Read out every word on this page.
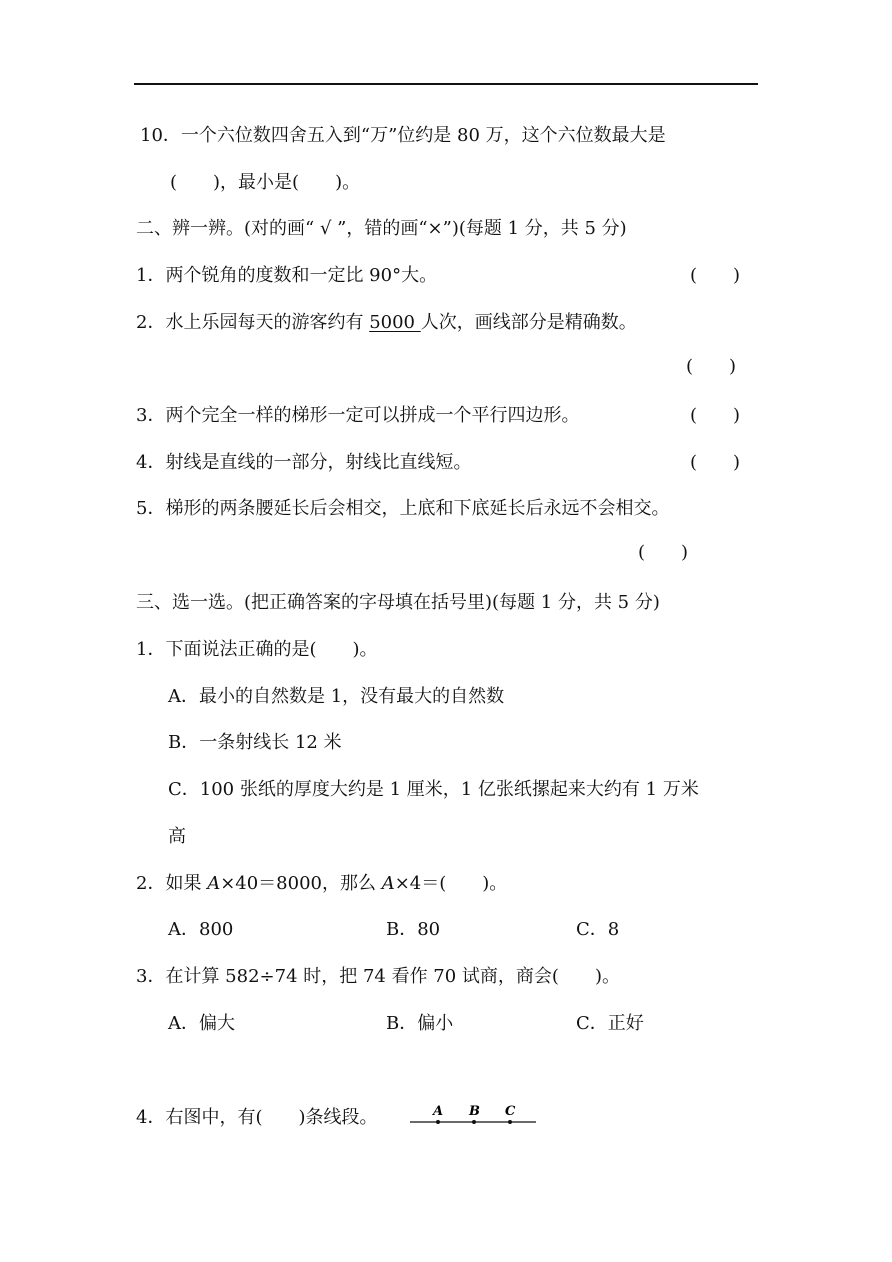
10．一个六位数四舍五入到“万”位约是 80 万，这个六位数最大是
(　　)，最小是(　　)。
二、辨一辨。(对的画“ √ ”，错的画“×”)(每题 1 分，共 5 分)
1．两个锐角的度数和一定比 90°大。	(　　)
2．水上乐园每天的游客约有 5000 人次，画线部分是精确数。
(　　)
3．两个完全一样的梯形一定可以拼成一个平行四边形。	(　　)
4．射线是直线的一部分，射线比直线短。	(　　)
5．梯形的两条腰延长后会相交，上底和下底延长后永远不会相交。
(　　)
三、选一选。(把正确答案的字母填在括号里)(每题 1 分，共 5 分)
1．下面说法正确的是(　　)。
A．最小的自然数是 1，没有最大的自然数
B．一条射线长 12 米
C．100 张纸的厚度大约是 1 厘米，1 亿张纸摞起来大约有 1 万米
高
2．如果 A×40＝8000，那么 A×4＝(　　)。
A．800	B．80	C．8
3．在计算 582÷74 时，把 74 看作 70 试商，商会(　　)。
A．偏大	B．偏小	C．正好
4．右图中，有(　　)条线段。	A B C
